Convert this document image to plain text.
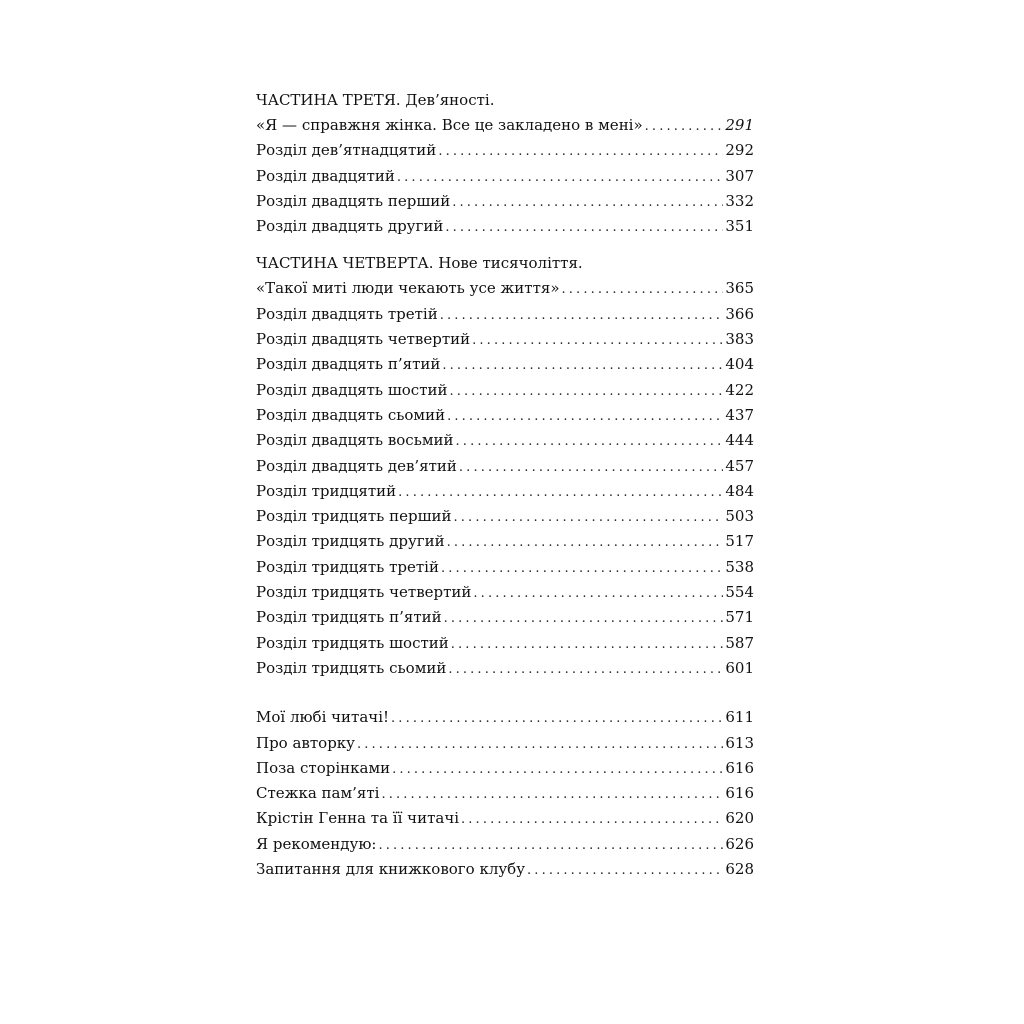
ЧАСТИНА ТРЕТЯ. Дев’яності.
«Я — справжня жінка. Все це закладено в мені» . . .	291
Розділ дев’ятнадцятий . . .	292
Розділ двадцятий . . .	307
Розділ двадцять перший . . .	332
Розділ двадцять другий . . .	351
ЧАСТИНА ЧЕТВЕРТА. Нове тисячоліття.
«Такої миті люди чекають усе життя» . . .	365
Розділ двадцять третій . . .	366
Розділ двадцять четвертий . . .	383
Розділ двадцять п’ятий . . .	404
Розділ двадцять шостий . . .	422
Розділ двадцять сьомий . . .	437
Розділ двадцять восьмий . . .	444
Розділ двадцять дев’ятий . . .	457
Розділ тридцятий . . .	484
Розділ тридцять перший . . .	503
Розділ тридцять другий . . .	517
Розділ тридцять третій . . .	538
Розділ тридцять четвертий . . .	554
Розділ тридцять п’ятий . . .	571
Розділ тридцять шостий . . .	587
Розділ тридцять сьомий . . .	601
Мої любі читачі! . . .	611
Про авторку . . .	613
Поза сторінками . . .	616
Стежка пам’яті . . .	616
Крістін Генна та її читачі . . .	620
Я рекомендую: . . .	626
Запитання для книжкового клубу . . .	628
